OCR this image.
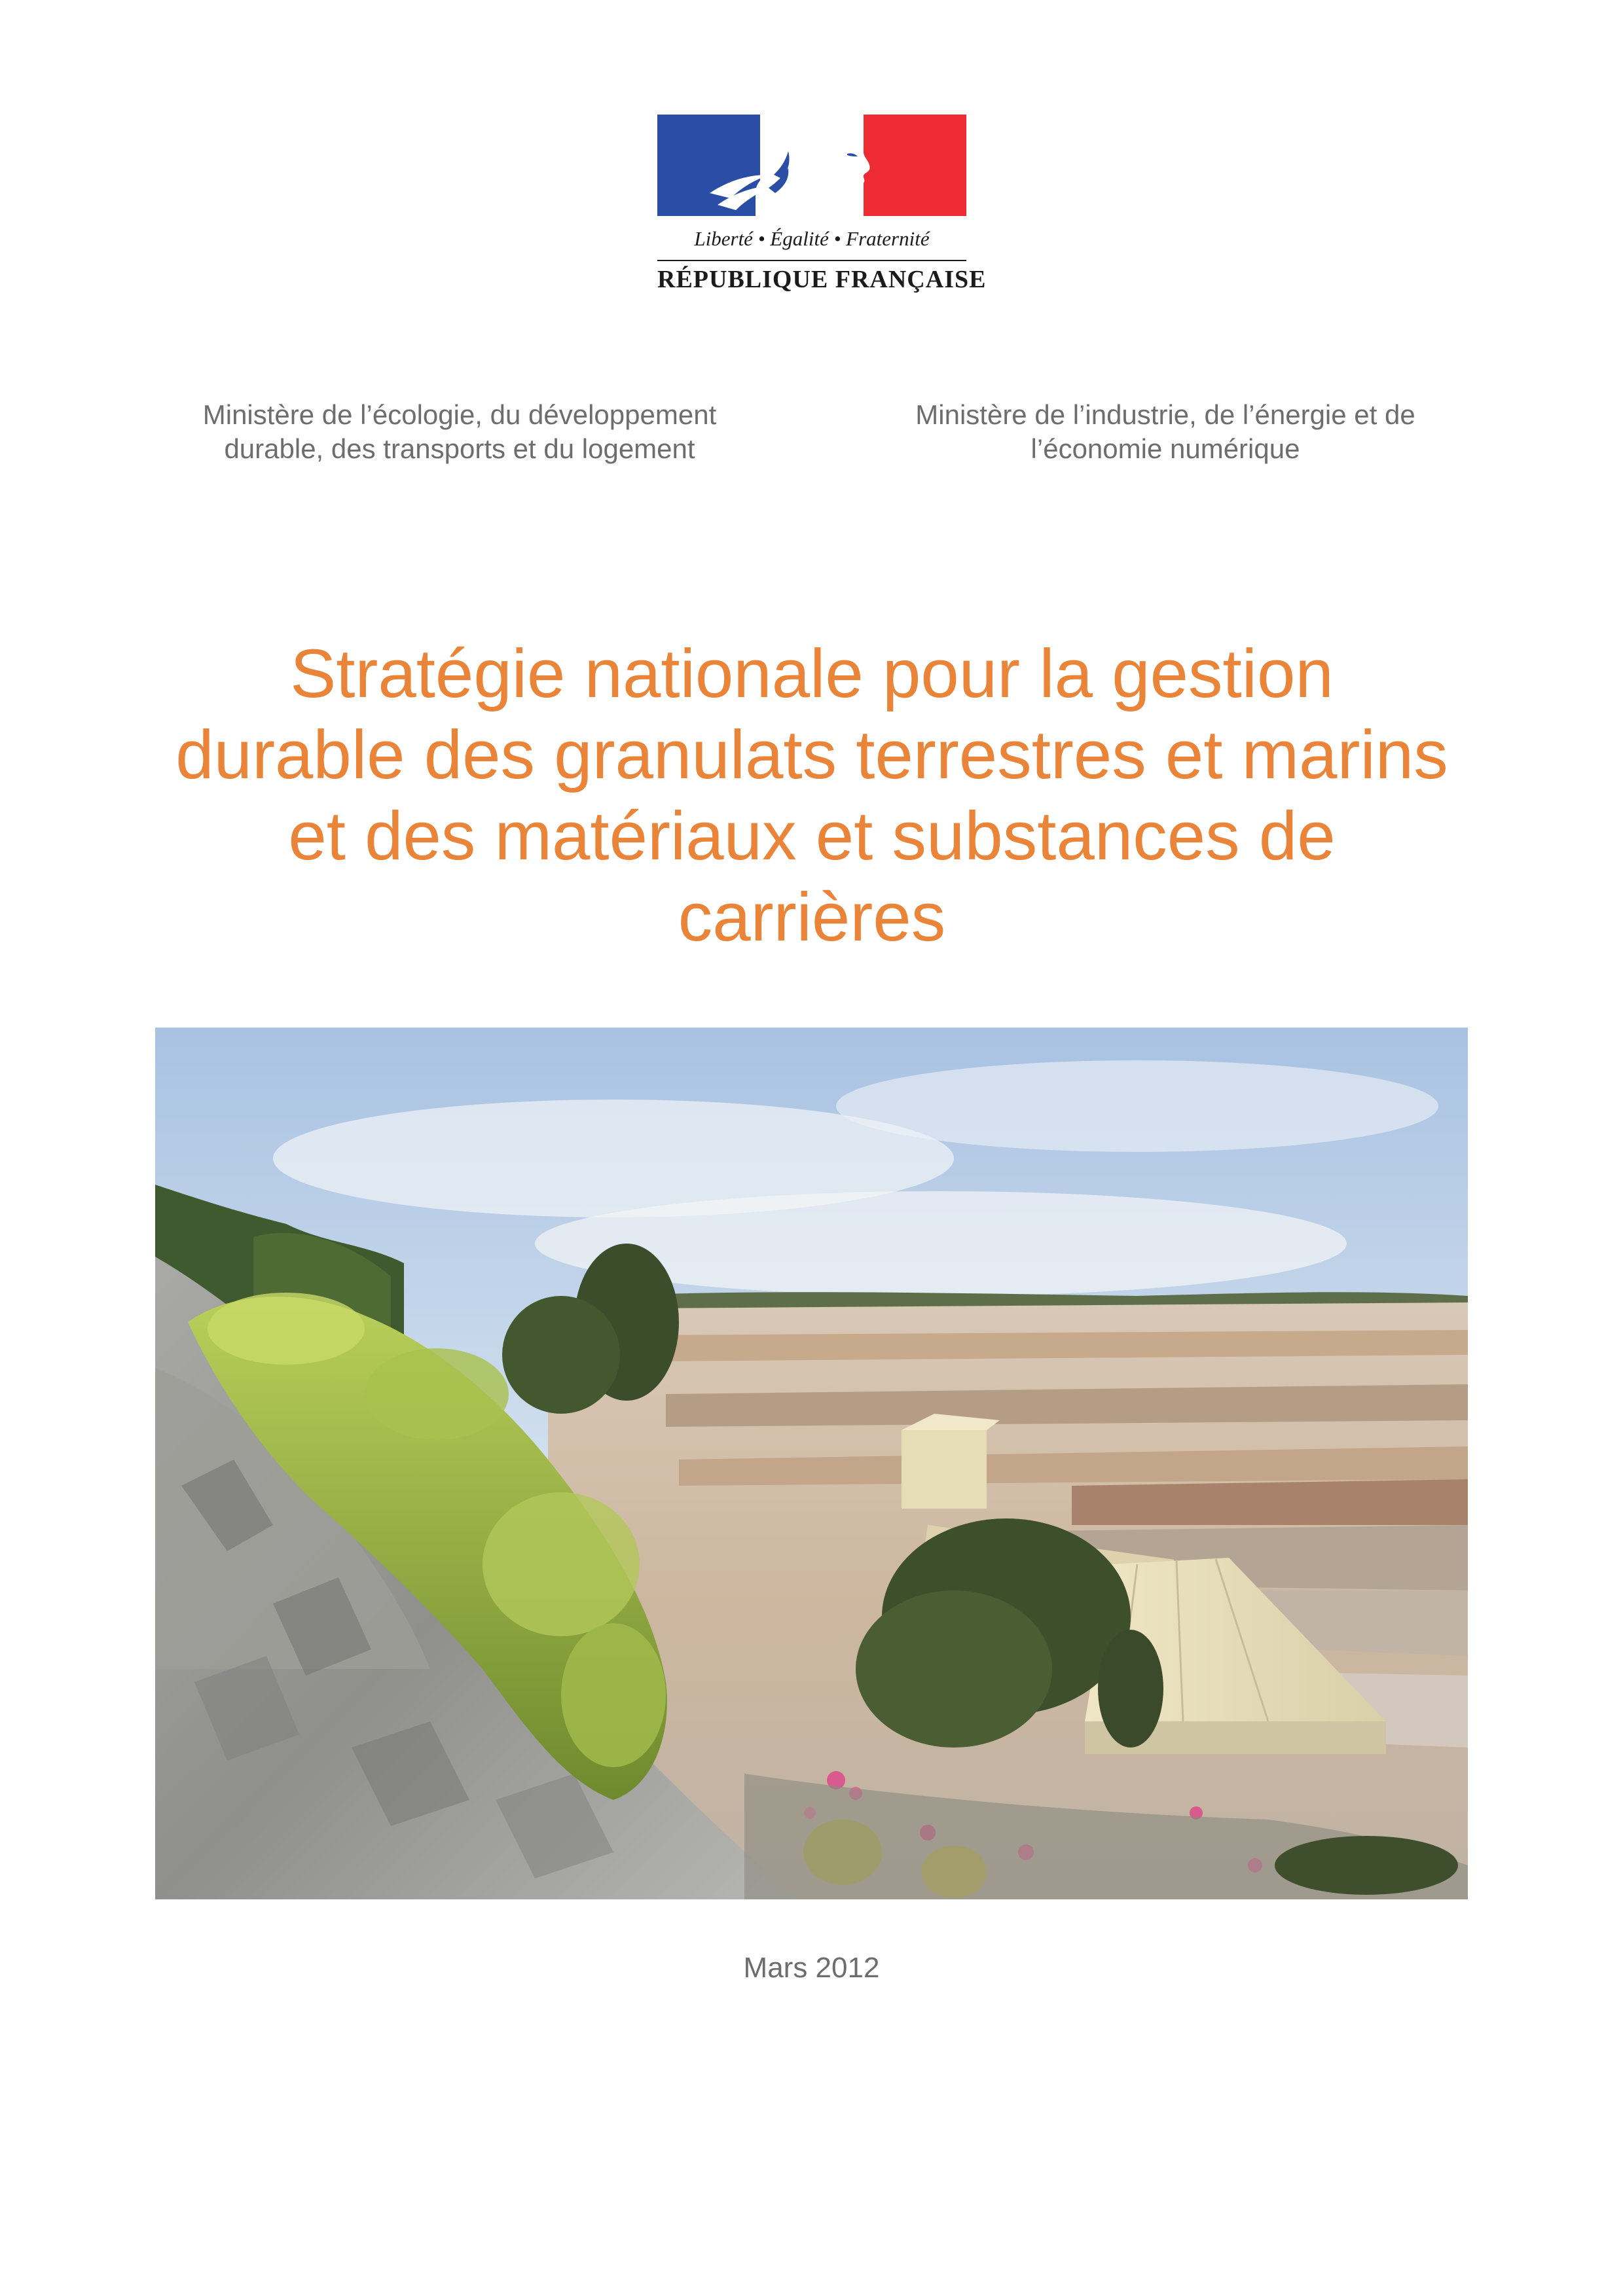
Liberté • Égalité • Fraternité
RÉPUBLIQUE FRANÇAISE
Ministère de l’écologie, du développement
durable, des transports et du logement
Ministère de l’industrie, de l’énergie et de
l’économie numérique
Stratégie nationale pour la gestion
durable des granulats terrestres et marins
et des matériaux et substances de
carrières
Mars 2012
